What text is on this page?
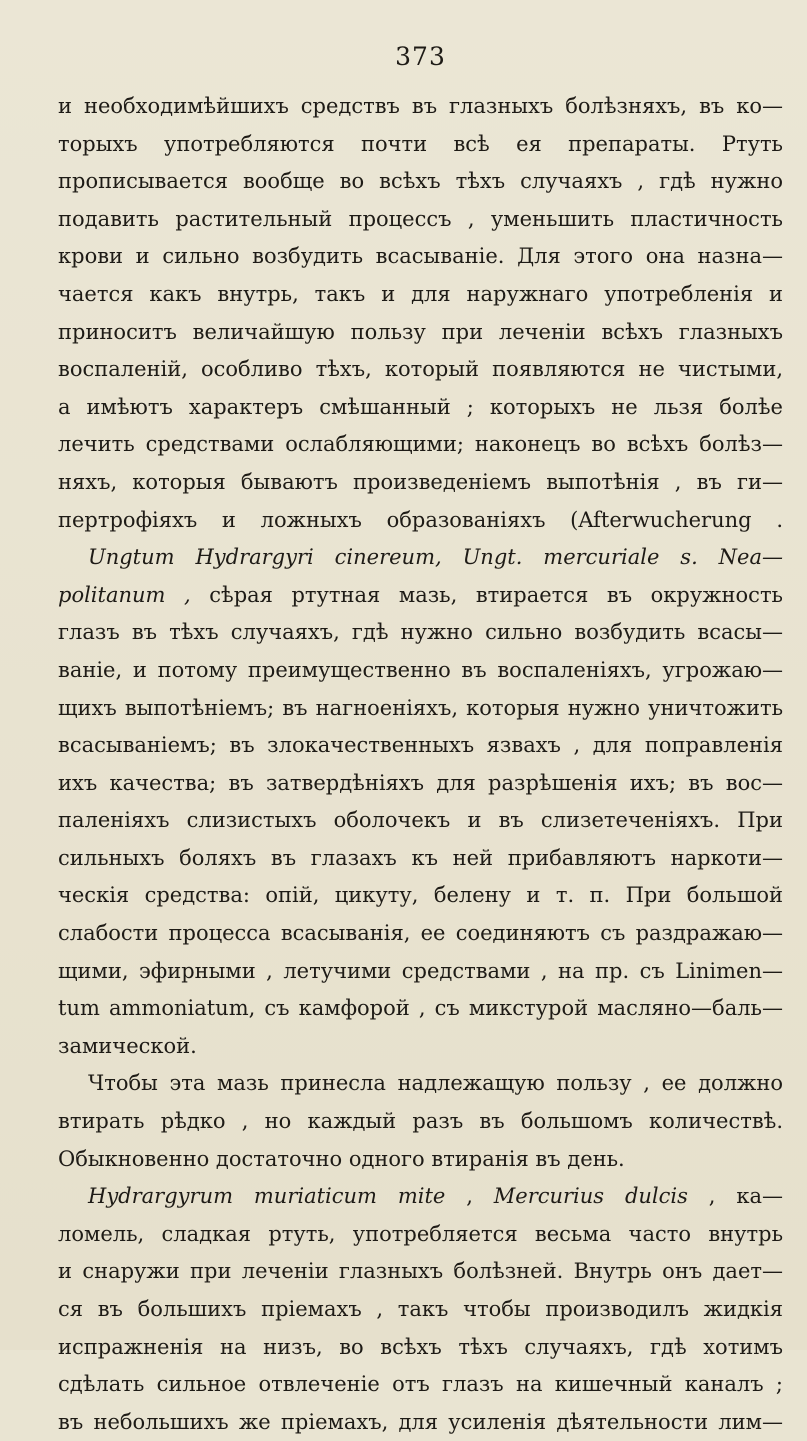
373
и необходимѣйшихъ средствъ въ глазныхъ болѣзняхъ, въ ко—
торыхъ употребляются почти всѣ ея препараты. Ртуть
прописывается вообще во всѣхъ тѣхъ случаяхъ , гдѣ нужно
подавить растительный процессъ , уменьшить пластичность
крови и сильно возбудить всасываніе. Для этого она назна—
чается какъ внутрь, такъ и для наружнаго употребленія и
приноситъ величайшую пользу при леченіи всѣхъ глазныхъ
воспаленій, особливо тѣхъ, который появляются не чистыми,
а имѣютъ характеръ смѣшанный ; которыхъ не льзя болѣе
лечить средствами ослабляющими; наконецъ во всѣхъ болѣз—
няхъ, которыя бываютъ произведеніемъ выпотѣнія , въ ги—
пертрофіяхъ и ложныхъ образованіяхъ (Afterwucherung .
Ungtum Hydrargyri cinereum, Ungt. mercuriale s. Nea—
politanum , сѣрая ртутная мазь, втирается въ окружность
глазъ въ тѣхъ случаяхъ, гдѣ нужно сильно возбудить всасы—
ваніе, и потому преимущественно въ воспаленіяхъ, угрожаю—
щихъ выпотѣніемъ; въ нагноеніяхъ, которыя нужно уничтожить
всасываніемъ; въ злокачественныхъ язвахъ , для поправленія
ихъ качества; въ затвердѣніяхъ для разрѣшенія ихъ; въ вос—
паленіяхъ слизистыхъ оболочекъ и въ слизетеченіяхъ. При
сильныхъ боляхъ въ глазахъ къ ней прибавляютъ наркоти—
ческія средства: опій, цикуту, белену и т. п. При большой
слабости процесса всасыванія, ее соединяютъ съ раздражаю—
щими, эфирными , летучими средствами , на пр. съ Linimen—
tum ammoniatum, съ камфорой , съ микстурой масляно—баль—
замической.
Чтобы эта мазь принесла надлежащую пользу , ее должно
втирать рѣдко , но каждый разъ въ большомъ количествѣ.
Обыкновенно достаточно одного втиранія въ день.
Hydrargyrum muriaticum mite , Mercurius dulcis , ка—
ломель, сладкая ртуть, употребляется весьма часто внутрь
и снаружи при леченіи глазныхъ болѣзней. Внутрь онъ дает—
ся въ большихъ пріемахъ , такъ чтобы производилъ жидкія
испражненія на низъ, во всѣхъ тѣхъ случаяхъ, гдѣ хотимъ
сдѣлать сильное отвлеченіе отъ глазъ на кишечный каналъ ;
въ небольшихъ же пріемахъ, для усиленія дѣятельности лим—
